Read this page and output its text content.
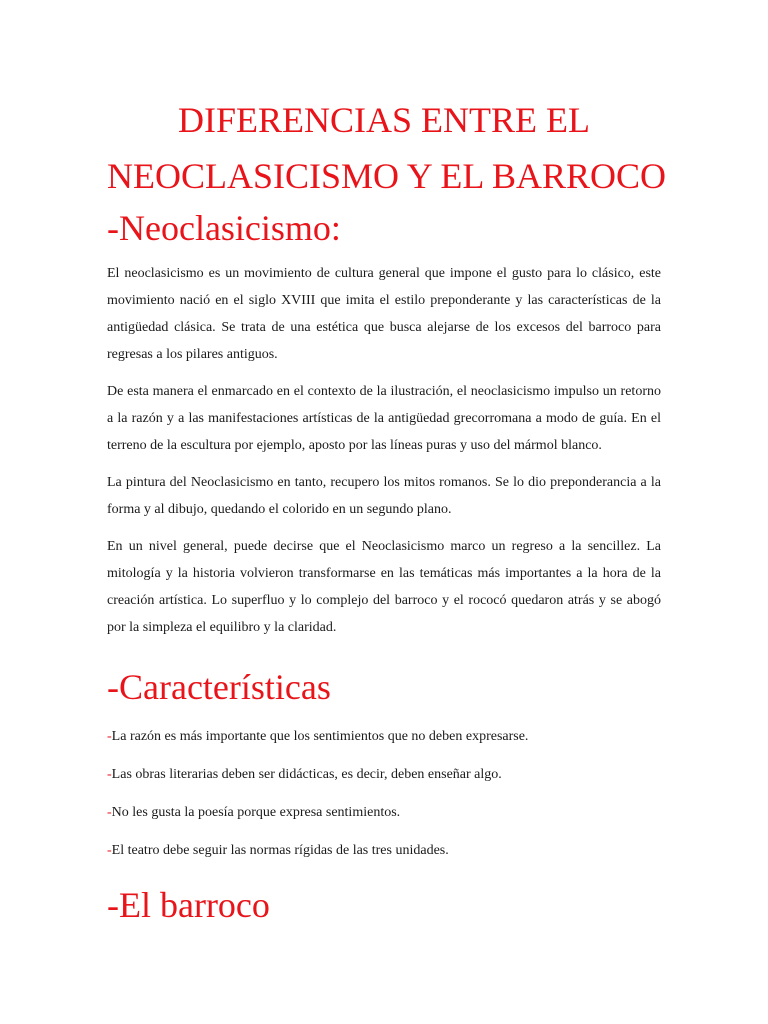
DIFERENCIAS ENTRE EL
NEOCLASICISMO Y EL BARROCO
-Neoclasicismo:

El neoclasicismo es un movimiento de cultura general que impone el gusto para lo clásico, este movimiento nació en el siglo XVIII que imita el estilo preponderante y las características de la antigüedad clásica. Se trata de una estética que busca alejarse de los excesos del barroco para regresas a los pilares antiguos.

De esta manera el enmarcado en el contexto de la ilustración, el neoclasicismo impulso un retorno a la razón y a las manifestaciones artísticas de la antigüedad grecorromana a modo de guía. En el terreno de la escultura por ejemplo, aposto por las líneas puras y uso del mármol blanco.

La pintura del Neoclasicismo en tanto, recupero los mitos romanos. Se lo dio preponderancia a la forma y al dibujo, quedando el colorido en un segundo plano.

En un nivel general, puede decirse que el Neoclasicismo marco un regreso a la sencillez. La mitología y la historia volvieron transformarse en las temáticas más importantes a la hora de la creación artística. Lo superfluo y lo complejo del barroco y el rococó quedaron atrás y se abogó por la simpleza el equilibro y la claridad.

-Características

-La razón es más importante que los sentimientos que no deben expresarse.

-Las obras literarias deben ser didácticas, es decir, deben enseñar algo.

-No les gusta la poesía porque expresa sentimientos.

-El teatro debe seguir las normas rígidas de las tres unidades.

-El barroco
